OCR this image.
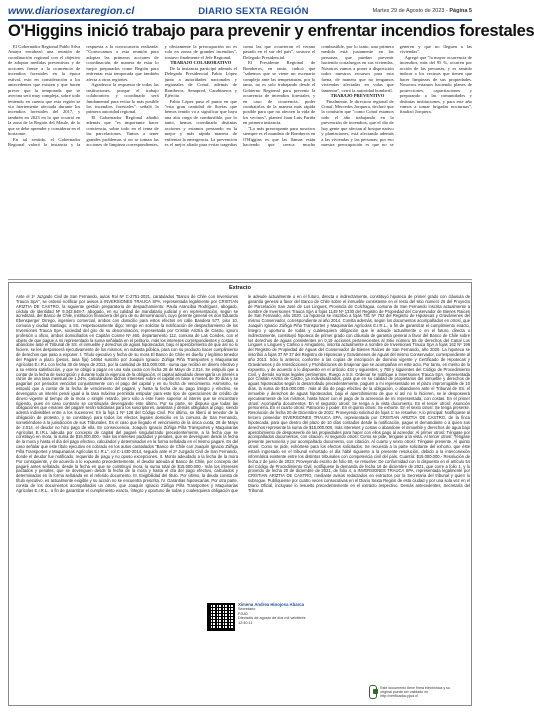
www.diariosextaregion.cl	DIARIO SEXTA REGIÓN	Martes 29 de Agosto de 2023 - Página 5
O'Higgins inició trabajo para prevenir y enfrentar incendios forestales

El Gobernador Regional Pablo Silva Amaya encabezó una reunión de coordinación regional con el objetivo de adoptar medidas preventivas y de acciones frente a la ocurrencia de incendios forestales en la época estival, esto en consideración a los antecedentes que existen y que hacen prever que la temporada que se avecina será muy compleja, sobre todo teniendo en cuenta que esta región se vio fuertemente afectada durante los incendios forestales del 2017, y también en 2023 en lo que ocurrió en la zona de la Región del Maule, de lo que se debe aprender y considerar en el horizonte.

En tal sentido, el Gobernador Regional valoró la instancia y la respuesta a la convocatoria realizada. "Convocamos a esta reunión para adoptar las primeras acciones de coordinación, de manera de estar lo mejor preparados como Región para enfrentar esta temporada que también afecta a otras regiones.

Agradezco la respuesta de todas las instituciones, porque el trabajo colaborativo y coordinado será fundamental para evitar lo más posible los incendios forestales", señaló la primera autoridad regional.

El Gobernador Regional añadió además que "es importante hacer conciencia, sobre todo en el tema de las parcelaciones. Vamos a tener grandes problemas si no se toman las acciones de limpieza correspondientes, y obviamente la preocupación no es solo en zonas de grandes incendios", sostuvo finalmente el Jefe Regional.

TRABAJO COLABORATIVO

De la instancia participó además el Delegado Presidencial Fabio López junto a autoridades nacionales y regionales de Conaf, además de Bomberos, Senapred, Carabineros y Ejército.

Fabio López puso el punto en que "esta gran cantidad de lluvias que hemos tenido va a significar que haya una alta carga de combustible, por lo tanto, hemos coordinado distintas acciones y estamos pensando en la mejor y más rápida manera de enfrentar la emergencia. La prevención es el mejor aliado para evitar tragedias como las que ocurrieron el verano pasado en el sur del país", sostuvo el Delegado Presidencial.

El Presidente Regional de Bomberos, en tanto, indicó que "sabemos que se viene un escenario complejo ante las temperaturas, por lo tanto, no es solo trabajando desde el Gobierno Regional para prevenir la ocurrencia de incendios forestales, y en caso de ocurrencia, poder combatirlos de la manera más rápida posible para que no afecten la vida de los vecinos", planteó Juan Luis Fariña en primera instancia.

"Lo más preocupante para nosotros siempre es el mandato de Bomberos en O'Higgins es que las llamas están haciendo que crezca mucho combustible, por lo tanto, una primera medida está justamente en las personas, que puedan prevenir haciendo cortafuegos en sus viviendas. Nosotros vamos a poner a disposición todos nuestros recursos para esta faena, de manera que no tengamos viviendas afectadas en vidas que lamentar", cerró la autoridad bomberil.

TRABAJO PREVENTIVO

Finalmente, le directora regional de Conaf, Mercedes Jorquera, declaró que la comisión que "como Conaf estamos todo el año trabajando en la prevención de incendios, que el día de hoy gente que afectan al bosque nativo y plantaciones, está afectando además a las viviendas y las personas; por eso nuestra preocupación es que no se generen y que no lleguen a las viviendas".

Agregó que "la mayor ocurrencia de incendios, más del 95 %, ocurren por acción de las personas, y es sentido indicar a los vecinos que tienen que hacer limpiezas de sus propiedades. Nosotros estamos haciendo planes de protecciones, capacitaciones y preparando a las comunidades y distintas instituciones, y para este año vamos a tomar brigadas nocturnas", finalizó Jorquera.

Extracto
Ante el 1º Juzgado Civil de San Fernando, autos Rol Nº C-2751-2021, caratulados "Banco de Chile con Inversiones Trauca SpA", se ordenó notificar por avisos a INVERSIONES TRAUCA SPA, representada legalmente por CRISTIAN ARIZTIA DE CASTRO, la siguiente gestión preparatoria de despachamiento: Paula Arancibia Rodríguez, abogado, cédula de identidad Nº 9.342.648-7, abogado, en su calidad de mandatario judicial y en representación, según se acreditará, del Banco de Chile, institución financiera del giro de su denominación, cuyo gerente general es don Eduardo Ebensperger Orrego, ingeniero comercial, ambos con domicilio para estos efectos en calle Bandera 577, piso 10, comuna y ciudad Santiago, a SS. respetuosamente digo: Vengo en solicitar la notificación de despachamiento de los Inversiones Trauca SpA, sociedad del giro de su denominación, representada por Cristián Ariztía de Castro, ignoro profesión u oficio, ambos domiciliados en Capitán Cosme Nº 460, departamento 112, comuna de Las Condes, con el objeto de que pague a mi representado la suma señalada en el petitorio, más los intereses correspondientes y costas, o abandone ante el Tribunal de SS. el inmueble y derechos de aguas hipotecados, bajo el apercibimiento de que así no lo hiciere, se les desposeerá ejecutivamente de los mismos, en subasta pública, para con su producto hacer cumplimiento de derechos que paso a exponer. I. Título ejecutivo y fecha de su mora El Banco de Chile es dueño y legítimo tenedor del Pagaré a plazo (pesos, tasa fija) 14664 suscrito por Joaquín Ignacio Zúñiga Piña Transportes y Maquinarias Agrícolas E.I.R.L con fecha 30 de Mayo de 2013, por la cantidad de $15.000.000.- suma que recibió en dinero efectivo y a su entera satisfacción, y que se obligó a pagar en una sola cuota con fecha 28 de Mayo de 2.014. Se estipuló que a contar de la fecha de suscripción y durante toda la vigencia de la obligación, el capital adeudado devengaría un interés a razón de una tasa mensual de 1,24%, calculándose dichos intereses sobre el capital en base a meses de 30 días y se pagarían por periodos vencidos conjuntamente con el pago del capital y en su fecha de vencimiento. Asimismo, se estipuló que a contar de la fecha de vencimiento del pagaré, y hasta la fecha de su pago íntegro y efectivo, se devengaría un interés penal igual a la tasa máxima permitida estipular para este tipo de operaciones de crédito de dinero vigente al tiempo de la mora o simple retardo, pero sólo a éste fuere superior al interés que se encontrare rigiendo, pues en caso contrario se continuaría devengando este último. Por su parte, se dispuso que todas las obligaciones que emanen del pagaré serán solidarias para los suscriptores, avalistas y demás obligados al pago, siendo ademá indivisibles entre a los sucesores. En la foja 1 Nº 128 del Código Civil. Por último, se liberó al tenedor de la obligación de protesto, y se constituyó para todos los efectos legales domicilio en la comuna de San Fernando, sometiéndose a la jurisdicción de sus Tribunales. Es el caso que llegado el vencimiento de la única cuota, 28 de Mayo de 2.014, el deudor no hizo pago de ella. En consecuencia, Joaquín Ignacio Zúñiga Piña Transportes y Maquinarias Agrícolas E.I.R.L adeuda por concepto de capital del pagaré singularizado precedentemente, a la fecha que se constituyó en mora, la suma de $15.000.000.- más los intereses pactados y penales, que se devenguen desde la fecha de la mora y hasta el día del pago efectivo, calculados y determinados en la forma señalada en el mismo pagaré. Es del caso señalar que este título ejecutivo es cobrado en los autos caratulados "Banco de Chile con Joaquín Ignacio Zúñiga Piña Transportes y Maquinarias Agrícolas E.I.R.L", rol C-1430-2014, seguido ante el 2º Juzgado Civil de San Fernando, donde el deudor fue notificado, requerido de pago y no opuso excepciones. II. Monto adeudado a la fecha de la mora Por consiguiente, y de acuerdo a lo expuesto precedentemente, el deudor adeuda al Banco de Chile, por concepto del pagaré antes señalado, desde la fecha en que se constituyó mora, la suma total de $15.000.000.- más los intereses pactados y penales, que se devenguen desde la fecha de la mora y hasta el día del pago efectivo, calculados y determinados en la forma señalada en el referido documento. III. Exigibilidad del título. Por último, la deuda consta de título ejecutivo, es actualmente exigible y su acción no se encuentra prescrita. IV. Garantías hipotecarias. Por otra parte, consta de los documentos acompañados un otrosí, que Joaquín Ignacio Zúñiga Piña Transportes y Maquinarias Agrícolas E.I.R.L., a fin de garantizar el cumplimiento exacto, íntegro y oportuno de todas y cualesquiera obligación que le adeude actualmente o en el futuro, directa o indirectamente, constituyó hipoteca de primer grado con cláusula de garantía general a favor del Banco de Chile sobre el inmueble consistente en el resto del sitio número 25 del Proyecto de Parcelación San José de Los Lingues, Provincia de Colchagua, comuna de San Fernando inscrita actualmente a nombre de Inversiones Trauca SpA a fojas 1149 Nº 1330 del Registro de Propiedad del Conservador de Bienes Raíces de San Fernando, año 2020. La hipoteca se inscribió a fojas 781 Nº 752 del Registro de Hipotecas y Gravámenes del mismo Conservador, correspondiente al año 2014. Consta además, según los documentos acompañados en otrosí, que Joaquín Ignacio Zúñiga Piña Transportes y Maquinarias Agrícolas E.I.R.L., a fin de garantizar el cumplimiento exacto, íntegro y oportuno de todas y cualesquiera obligación que le adeude actualmente o en el futuro, directa o indirectamente, constituyó hipoteca de primer grado con cláusula de garantía general a favor del Banco de Chile sobre los derechos de aguas consistentes en 0,19 acciones pertenecientes al Sitio número 55 de derechos del Canal Los Lingues o Lingues y Carlino o Amigadero, inscrita actualmente a nombre de Inversiones Trauca SpA a fojas 162 Nº 196 del Registro de Propiedad de Aguas del Conservador de Bienes Raíces de San Fernando, año 2020. La hipoteca se inscribió a fojas 37 Nº 37 del Registro de Hipotecas y Gravámenes de Aguas del mismo Conservador, correspondiente al año 2013. Sólo lo anterior, conforme a las copias de inscripción de dominio vigente y Certificado de Hipotecas y Gravámenes y de Interdicciones y Prohibiciones de Enajenar que se acompañan en este acto. Por tanto, en mérito de lo expuesto, y de acuerdo a lo dispuesto en el artículo 434 y siguientes, y 758 y siguientes del Código de Procedimiento Civil, y demás normas legales pertinentes. Ruego a S.S. Ordenar se notifique a Inversiones Trauca SpA, representada por Cristián Ariztía de Castro, ya individualizados, para que en su calidad de propietarios del inmueble y derechos de aguas hipotecados según lo desarrollado precedentemente, paguen a mi representado en el plazo improrrogable de 10 días, la suma de $15.000.000.- más al día de pago efectivo de la obligación, o abandonen ante el Tribunal de SS. el inmueble y derechos de aguas hipotecados, bajo el apercibimiento de que si así no lo hicieren, se le desposeerá ejecutivamente de los mismos, hasta hacer con el pago de la acreencia de mi representada, con costas. En el primer otrosí: Acompaña documentos. En el segundo otrosí: Se tenga a la vista documento. En el tercer otrosí: Asunción personería. En el cuarto otrosí: Patrocinio y poder. En el quinto otrosí: Se exhorte. En el sexto otrosí: Se tenga presente. Resolución de fecha 20 de Diciembre de 2021: Proveyendo solicitud de fojas 1: se resuelve: A lo principal: Notifíquese al tercero poseedor INVERSIONES TRAUCA SPA, representada por CRISTIAN ARIZTIA DE CASTRO, de la finca hipotecada, para que dentro del plazo de 10 días contados desde la notificación, pague el demandante o a quien sus derechos represente la suma de $15.000.000, más intereses y costas o abandone el inmueble y derechos de agua bajo apercibimiento de desposeerle de las propiedades para hacer con ellos pago al acreedor. Al primer otrosí: Téngase por acompañados documentos, con citación. Al segundo otrosí: Como se pide, téngase a la vista. Al tercer otrosí: Téngase presente personería y por acompañado documento, con citación. Al cuarto y sexto otrosí: Téngase presente. Al quinto otrosí: Como se pide, exhórtese para los efectos solicitados. Se recuerda a la parte solicitante del exhorto, que éste estará ingresado en el tribunal exhortado el día hábil siguiente a la presente resolución, debido a la interconexión informática existente entre los distintos tribunales con competencia civil del país. Cuantía: $15.000.000.- Resolución de fecha 2 de junio de 2023: Proveyendo escrito de folio 60, se resuelve: De conformidad con lo dispuesto en el artículo 54 del Código de Procedimiento Civil, notifíquese la demanda de fecha 16 de diciembre de 2021, que corre a folio 1, y lo proveído de fecha 20 de diciembre de 2021, de folio 4, a INVERSIONES TRAUCA SPA, representada legalmente por CRISTIAN ARIZTIA DE CASTRO, mediante avisos redactados en extractos por la Secretaria del tribunal y quien lo subrogue. Publíquense por cuatro veces consecutivas en el Diario Sexta Región de esta ciudad y por una sola vez en el Diario Oficial, incluyase lo resuelto precedentemente en el extracto respectivo. Demás antecedentes, Secretaría del Tribunal.
Ximena Andrea Hinojosa Abarca
Secretario
PJUD
Dieciséis de agosto de dos mil veintitrés
12:40:11
Este documento tiene firma electrónica y su original puede ser validado en http://verificadoc.pjud.cl
